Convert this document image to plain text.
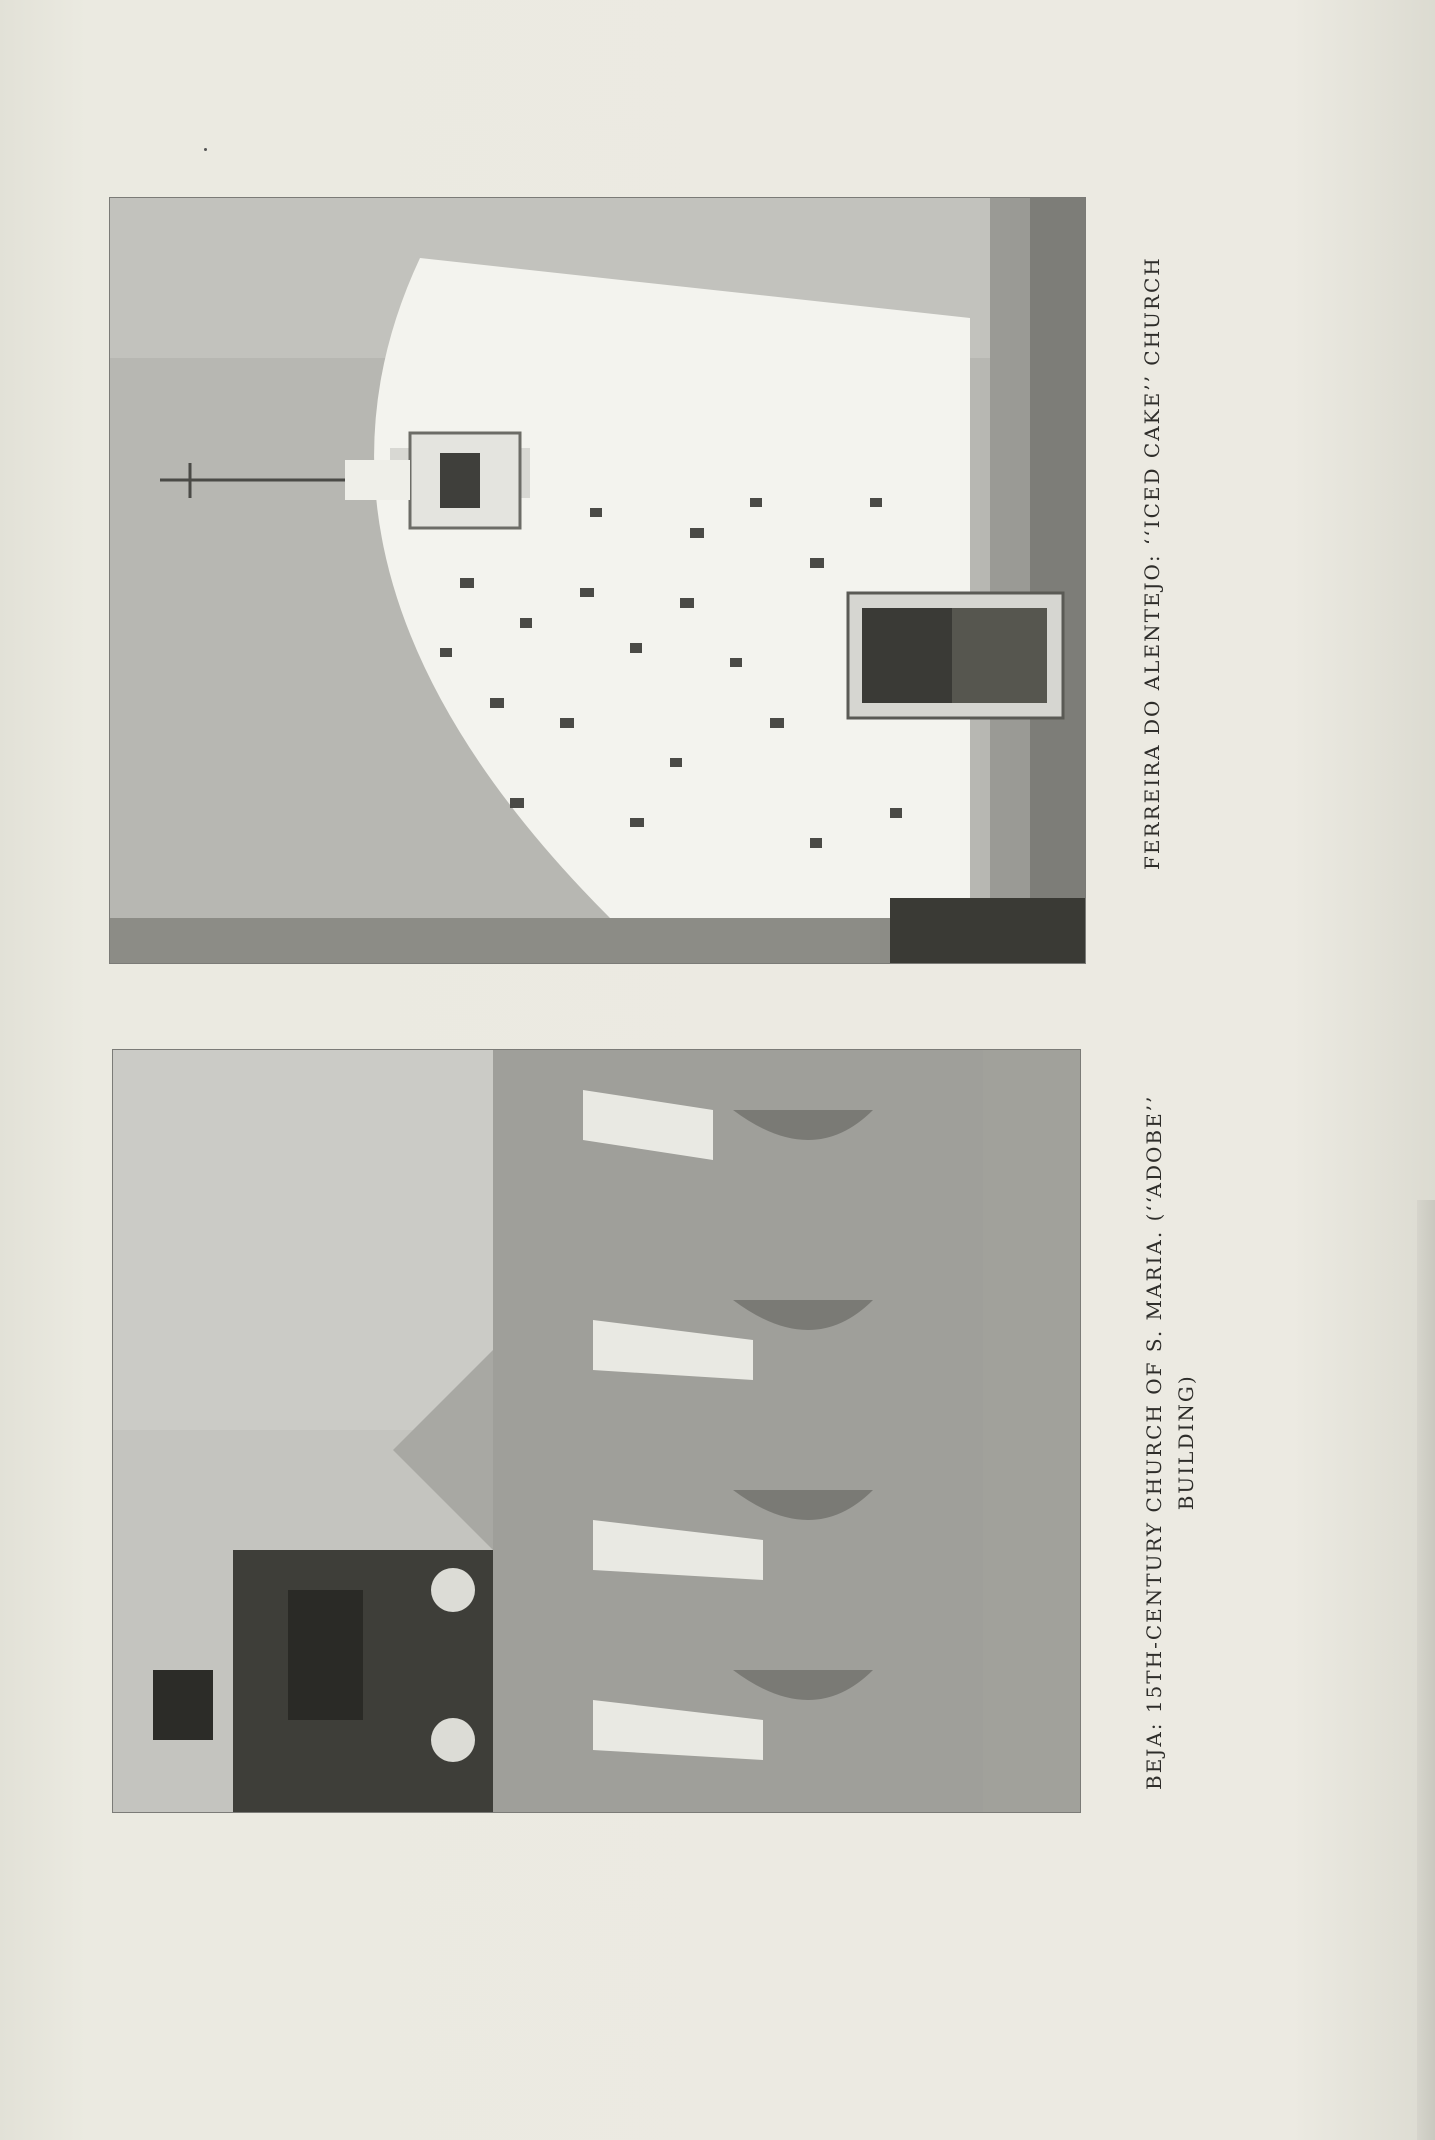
FERREIRA DO ALENTEJO: ‘‘ICED CAKE’’ CHURCH
BEJA: 15TH-CENTURY CHURCH OF S. MARIA. (‘‘ADOBE’’ BUILDING)
